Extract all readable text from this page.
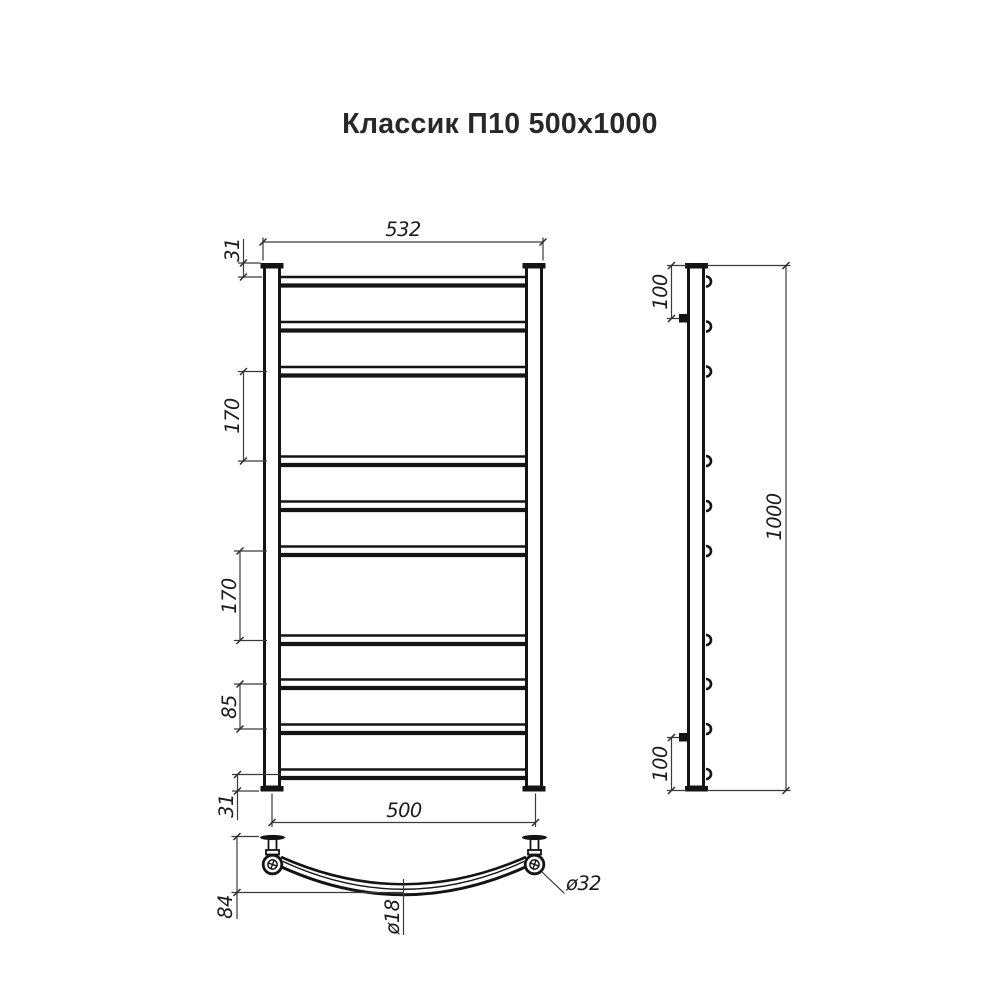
Классик П10 500x1000
532
31
170
170
85
31	500
100
100
1000
84	ø18
ø32
